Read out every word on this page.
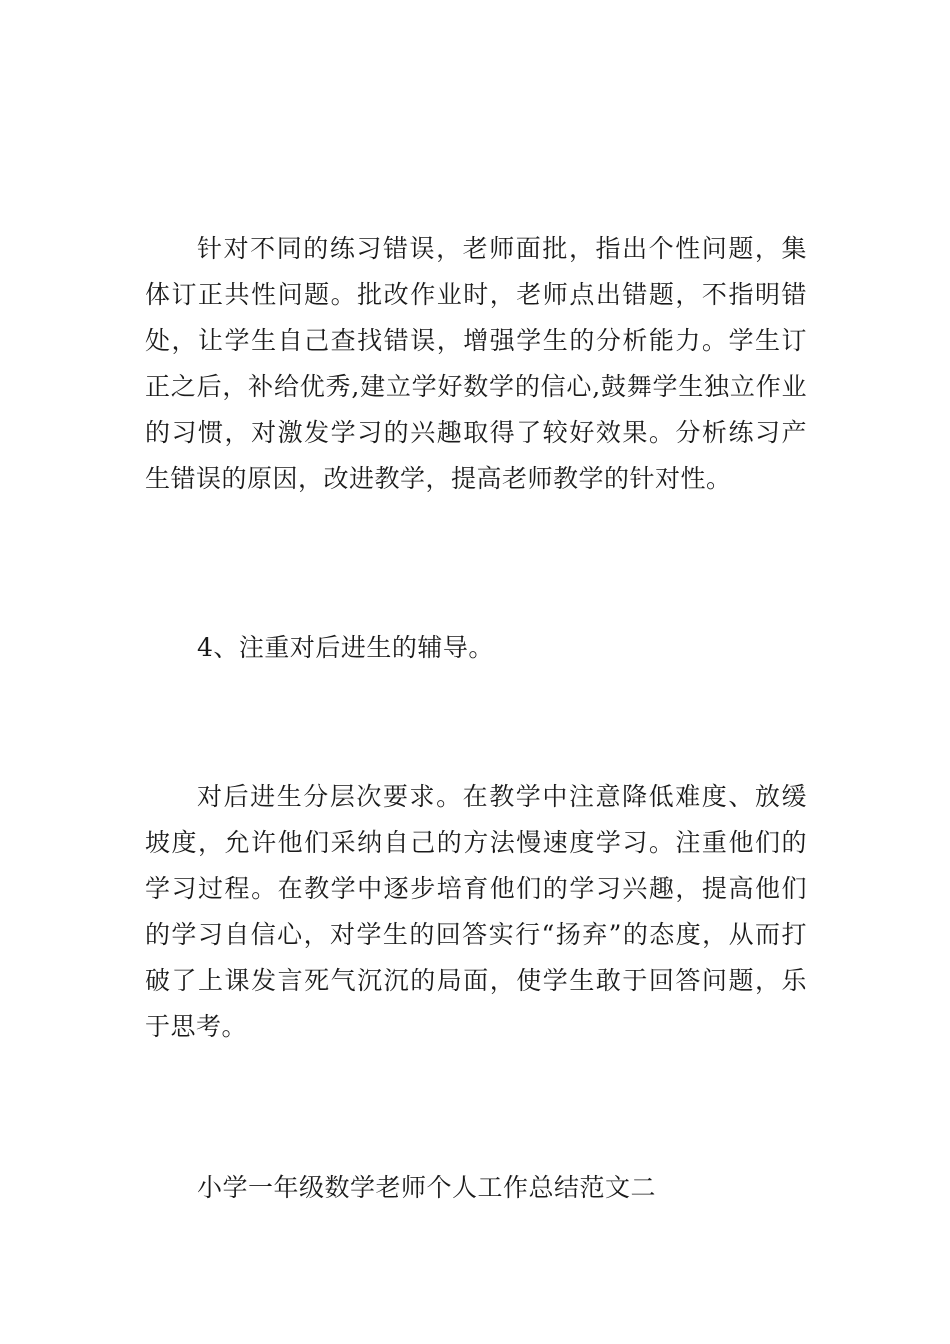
针对不同的练习错误，老师面批，指出个性问题，集体订正共性问题。批改作业时，老师点出错题，不指明错处，让学生自己查找错误，增强学生的分析能力。学生订正之后，补给优秀,建立学好数学的信心,鼓舞学生独立作业的习惯，对激发学习的兴趣取得了较好效果。分析练习产生错误的原因，改进教学，提高老师教学的针对性。

4、注重对后进生的辅导。

对后进生分层次要求。在教学中注意降低难度、放缓坡度，允许他们采纳自己的方法慢速度学习。注重他们的学习过程。在教学中逐步培育他们的学习兴趣，提高他们的学习自信心，对学生的回答实行“扬弃”的态度，从而打破了上课发言死气沉沉的局面，使学生敢于回答问题，乐于思考。

小学一年级数学老师个人工作总结范文二
